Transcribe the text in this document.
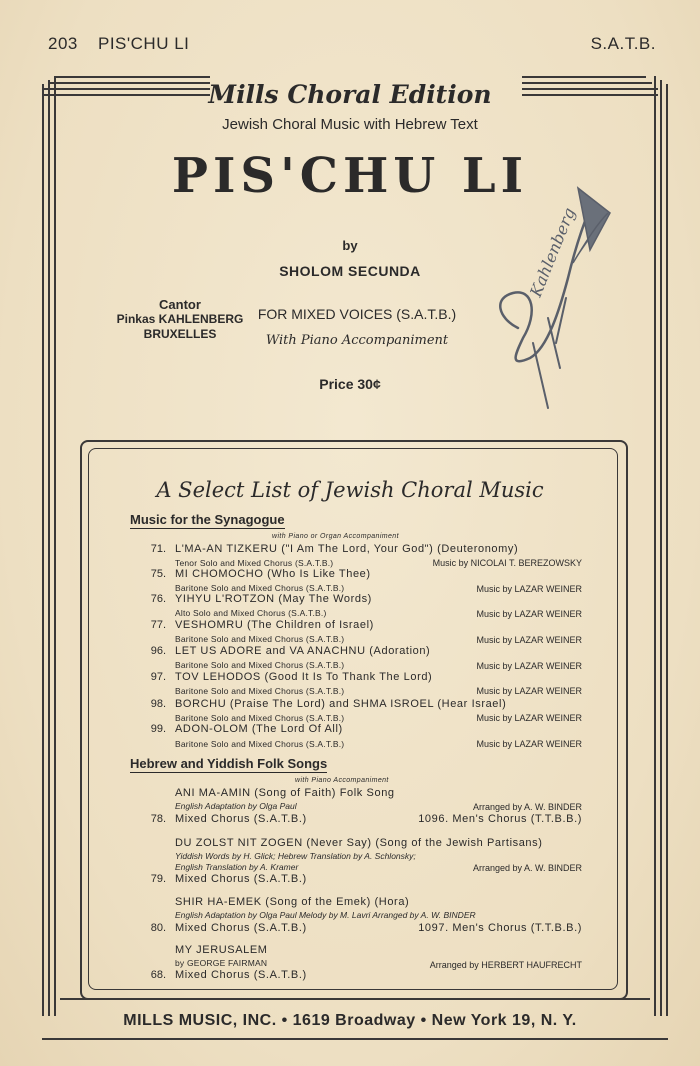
203 PIS'CHU LI	S.A.T.B.
Mills Choral Edition
Jewish Choral Music with Hebrew Text
PIS'CHU LI
by
SHOLOM SECUNDA
Cantor
Pinkas KAHLENBERG
BRUXELLES
FOR MIXED VOICES (S.A.T.B.)
With Piano Accompaniment
Price 30¢
Kahlenberg
A Select List of Jewish Choral Music
Music for the Synagogue
with Piano or Organ Accompaniment
71. L'MA-AN TIZKERU ("I Am The Lord, Your God") (Deuteronomy)
Tenor Solo and Mixed Chorus (S.A.T.B.)	Music by NICOLAI T. BEREZOWSKY
75. MI CHOMOCHO (Who Is Like Thee)
Baritone Solo and Mixed Chorus (S.A.T.B.)	Music by LAZAR WEINER
76. YIHYU L'ROTZON (May The Words)
Alto Solo and Mixed Chorus (S.A.T.B.)	Music by LAZAR WEINER
77. VESHOMRU (The Children of Israel)
Baritone Solo and Mixed Chorus (S.A.T.B.)	Music by LAZAR WEINER
96. LET US ADORE and VA ANACHNU (Adoration)
Baritone Solo and Mixed Chorus (S.A.T.B.)	Music by LAZAR WEINER
97. TOV LEHODOS (Good It Is To Thank The Lord)
Baritone Solo and Mixed Chorus (S.A.T.B.)	Music by LAZAR WEINER
98. BORCHU (Praise The Lord) and SHMA ISROEL (Hear Israel)
Baritone Solo and Mixed Chorus (S.A.T.B.)	Music by LAZAR WEINER
99. ADON-OLOM (The Lord Of All)
Baritone Solo and Mixed Chorus (S.A.T.B.)	Music by LAZAR WEINER
Hebrew and Yiddish Folk Songs
with Piano Accompaniment
ANI MA-AMIN (Song of Faith) Folk Song
English Adaptation by Olga Paul	Arranged by A. W. BINDER
78. Mixed Chorus (S.A.T.B.)	1096. Men's Chorus (T.T.B.B.)
DU ZOLST NIT ZOGEN (Never Say) (Song of the Jewish Partisans)
Yiddish Words by H. Glick; Hebrew Translation by A. Schlonsky;
English Translation by A. Kramer	Arranged by A. W. BINDER
79. Mixed Chorus (S.A.T.B.)
SHIR HA-EMEK (Song of the Emek) (Hora)
English Adaptation by Olga Paul Melody by M. Lavri Arranged by A. W. BINDER
80. Mixed Chorus (S.A.T.B.)	1097. Men's Chorus (T.T.B.B.)
MY JERUSALEM
by GEORGE FAIRMAN	Arranged by HERBERT HAUFRECHT
68. Mixed Chorus (S.A.T.B.)
MILLS MUSIC, INC. • 1619 Broadway • New York 19, N. Y.
